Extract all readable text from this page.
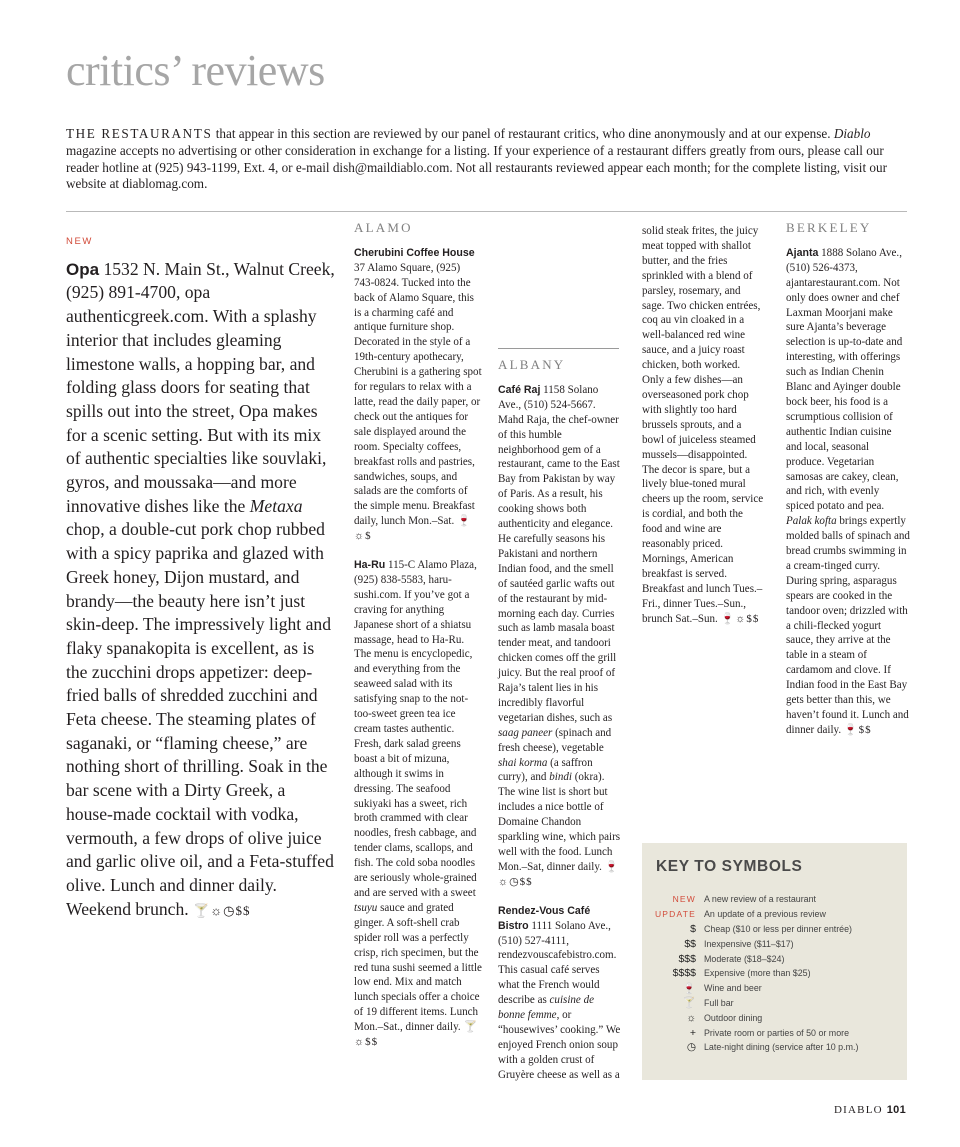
critics’ reviews
THE RESTAURANTS that appear in this section are reviewed by our panel of restaurant critics, who dine anonymously and at our expense. Diablo magazine accepts no advertising or other consideration in exchange for a listing. If your experience of a restaurant differs greatly from ours, please call our reader hotline at (925) 943-1199, Ext. 4, or e-mail dish@maildiablo.com. Not all restaurants reviewed appear each month; for the complete listing, visit our website at diablomag.com.
NEW

Opa 1532 N. Main St., Walnut Creek, (925) 891-4700, opa authenticgreek.com. With a splashy interior that includes gleaming limestone walls, a hopping bar, and folding glass doors for seating that spills out into the street, Opa makes for a scenic setting. But with its mix of authentic specialties like souvlaki, gyros, and moussaka—and more innovative dishes like the Metaxa chop, a double-cut pork chop rubbed with a spicy paprika and glazed with Greek honey, Dijon mustard, and brandy—the beauty here isn’t just skin-deep. The impressively light and flaky spanakopita is excellent, as is the zucchini drops appetizer: deep-fried balls of shredded zucchini and Feta cheese. The steaming plates of saganaki, or “flaming cheese,” are nothing short of thrilling. Soak in the bar scene with a Dirty Greek, a house-made cocktail with vodka, vermouth, a few drops of olive juice and garlic olive oil, and a Feta-stuffed olive. Lunch and dinner daily. Weekend brunch. 🍸☼◷$$

ALAMO

Cherubini Coffee House 37 Alamo Square, (925) 743-0824. Tucked into the back of Alamo Square, this is a charming café and antique furniture shop. Decorated in the style of a 19th-century apothecary, Cherubini is a gathering spot for regulars to relax with a latte, read the daily paper, or check out the antiques for sale displayed around the room. Specialty coffees, breakfast rolls and pastries, sandwiches, soups, and salads are the comforts of the simple menu. Breakfast daily, lunch Mon.–Sat. 🍷☼$

Ha-Ru 115-C Alamo Plaza, (925) 838-5583, haru-sushi.com. If you’ve got a craving for anything Japanese short of a shiatsu massage, head to Ha-Ru. The menu is encyclopedic, and everything from the seaweed salad with its satisfying snap to the not-too-sweet green tea ice cream tastes authentic. Fresh, dark salad greens boast a bit of mizuna, although it swims in dressing. The seafood sukiyaki has a sweet, rich broth crammed with clear noodles, fresh cabbage, and tender clams, scallops, and fish. The cold soba noodles are seriously whole-grained and are served with a sweet tsuyu sauce and grated ginger. A soft-shell crab spider roll was a perfectly crisp, rich specimen, but the red tuna sushi seemed a little low end. Mix and match lunch specials offer a choice of 19 different items. Lunch Mon.–Sat., dinner daily. 🍸☼$$

ALBANY

Café Raj 1158 Solano Ave., (510) 524-5667. Mahd Raja, the chef-owner of this humble neighborhood gem of a restaurant, came to the East Bay from Pakistan by way of Paris. As a result, his cooking shows both authenticity and elegance. He carefully seasons his Pakistani and northern Indian food, and the smell of sautéed garlic wafts out of the restaurant by mid-morning each day. Curries such as lamb masala boast tender meat, and tandoori chicken comes off the grill juicy. But the real proof of Raja’s talent lies in his incredibly flavorful vegetarian dishes, such as saag paneer (spinach and fresh cheese), vegetable shai korma (a saffron curry), and bindi (okra). The wine list is short but includes a nice bottle of Domaine Chandon sparkling wine, which pairs well with the food. Lunch Mon.–Sat, dinner daily. 🍷☼◷$$

Rendez-Vous Café Bistro 1111 Solano Ave., (510) 527-4111, rendezvouscafebistro.com. This casual café serves what the French would describe as cuisine de bonne femme, or “housewives’ cooking.” We enjoyed French onion soup with a golden crust of Gruyère cheese as well as a

BERKELEY

Ajanta 1888 Solano Ave., (510) 526-4373, ajantarestaurant.com. Not only does owner and chef Laxman Moorjani make sure Ajanta’s beverage selection is up-to-date and interesting, with offerings such as Indian Chenin Blanc and Ayinger double bock beer, his food is a scrumptious collision of authentic Indian cuisine and local, seasonal produce. Vegetarian samosas are cakey, clean, and rich, with evenly spiced potato and pea. Palak kofta brings expertly molded balls of spinach and bread crumbs swimming in a cream-tinged curry. During spring, asparagus spears are cooked in the tandoor oven; drizzled with a chili-flecked yogurt sauce, they arrive at the table in a steam of cardamom and clove. If Indian food in the East Bay gets better than this, we haven’t found it. Lunch and dinner daily. 🍷$$

KEY TO SYMBOLS
NEW A new review of a restaurant
UPDATE An update of a previous review
$ Cheap ($10 or less per dinner entrée)
$$ Inexpensive ($11–$17)
$$$ Moderate ($18–$24)
$$$$ Expensive (more than $25)
🍷 Wine and beer
🍸 Full bar
☼ Outdoor dining
+ Private room or parties of 50 or more
◷ Late-night dining (service after 10 p.m.)
DIABLO 101

solid steak frites, the juicy meat topped with shallot butter, and the fries sprinkled with a blend of parsley, rosemary, and sage. Two chicken entrées, coq au vin cloaked in a well-balanced red wine sauce, and a juicy roast chicken, both worked. Only a few dishes—an overseasoned pork chop with slightly too hard brussels sprouts, and a bowl of juiceless steamed mussels—disappointed. The decor is spare, but a lively blue-toned mural cheers up the room, service is cordial, and both the food and wine are reasonably priced. Mornings, American breakfast is served. Breakfast and lunch Tues.–Fri., dinner Tues.–Sun., brunch Sat.–Sun. 🍷☼$$
